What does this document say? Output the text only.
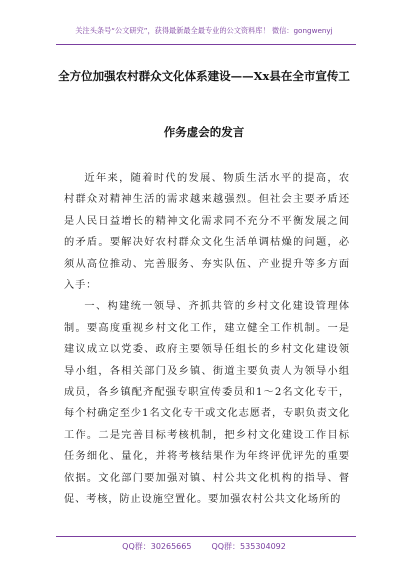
关注头条号“公文研究”，获得最新最全最专业的公文资料库！ 微信：gongwenyj
全方位加强农村群众文化体系建设——Xx县在全市宣传工
作务虚会的发言

近年来，随着时代的发展、物质生活水平的提高，农村群众对精神生活的需求越来越强烈。但社会主要矛盾还是人民日益增长的精神文化需求同不充分不平衡发展之间的矛盾。要解决好农村群众文化生活单调枯燥的问题，必须从高位推动、完善服务、夯实队伍、产业提升等多方面入手：

一、构建统一领导、齐抓共管的乡村文化建设管理体制。要高度重视乡村文化工作，建立健全工作机制。一是建议成立以党委、政府主要领导任组长的乡村文化建设领导小组，各相关部门及乡镇、街道主要负责人为领导小组成员，各乡镇配齐配强专职宣传委员和1～2名文化专干，每个村确定至少1名文化专干或文化志愿者，专职负责文化工作。二是完善目标考核机制，把乡村文化建设工作目标任务细化、量化，并将考核结果作为年终评优评先的重要依据。文化部门要加强对镇、村公共文化机构的指导、督促、考核，防止设施空置化。要加强农村公共文化场所的

QQ群：30265665	QQ群：535304092
